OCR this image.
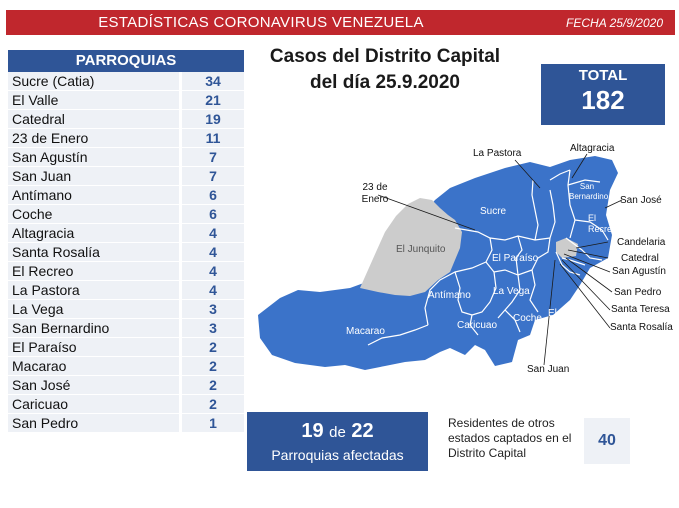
ESTADÍSTICAS CORONAVIRUS VENEZUELA	FECHA 25/9/2020
PARROQUIAS
Sucre (Catia)	34
El Valle	21
Catedral	19
23 de Enero	11
San Agustín	7
San Juan	7
Antímano	6
Coche	6
Altagracia	4
Santa Rosalía	4
El Recreo	4
La Pastora	4
La Vega	3
San Bernardino	3
El Paraíso	2
Macarao	2
San José	2
Caricuao	2
San Pedro	1
Casos del Distrito Capital
del día 25.9.2020	TOTAL
182
La Pastora	Altagracia
San Bernardino San José
El Recreo
Candelaria
Catedral
San Agustín
San Pedro
Santa Teresa
Santa Rosalía
23 de Enero
Sucre
El Junquito
El Paraíso
Antímano La Vega
Macarao
Caricuao
Coche El Valle
San Juan
19 de 22
Parroquias afectadas
Residentes de otros estados captados en el Distrito Capital
40
